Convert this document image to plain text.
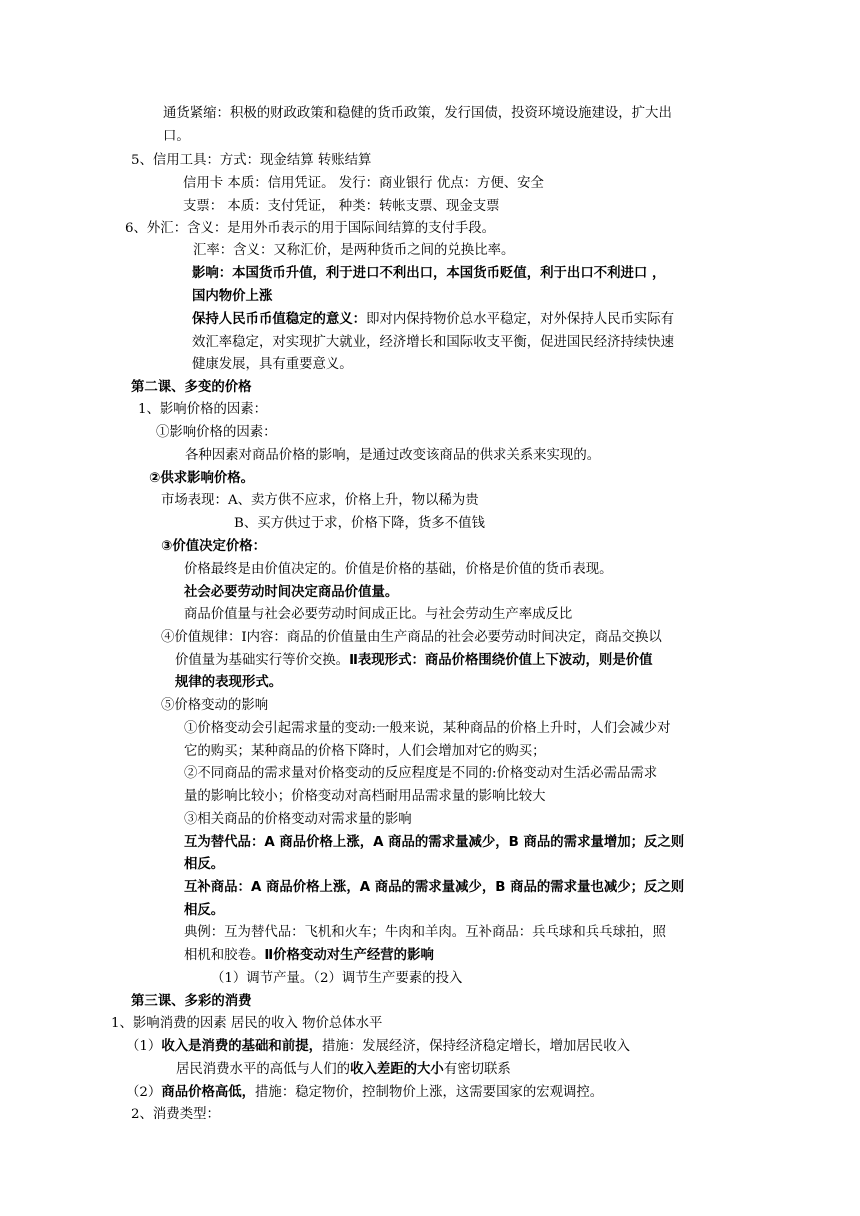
通货紧缩：积极的财政政策和稳健的货币政策，发行国债，投资环境设施建设，扩大出
口。
5、信用工具：方式：现金结算 转账结算
信用卡 本质：信用凭证。 发行：商业银行 优点：方便、安全
支票： 本质：支付凭证， 种类：转帐支票、现金支票
6、外汇：含义：是用外币表示的用于国际间结算的支付手段。
汇率：含义：又称汇价，是两种货币之间的兑换比率。
影响：本国货币升值，利于进口不利出口，本国货币贬值，利于出口不利进口 ，
国内物价上涨
保持人民币币值稳定的意义：即对内保持物价总水平稳定，对外保持人民币实际有
效汇率稳定，对实现扩大就业，经济增长和国际收支平衡，促进国民经济持续快速
健康发展，具有重要意义。
第二课、多变的价格
1、影响价格的因素：
①影响价格的因素：
各种因素对商品价格的影响，是通过改变该商品的供求关系来实现的。
②供求影响价格。
市场表现：A、卖方供不应求，价格上升，物以稀为贵
B、买方供过于求，价格下降，货多不值钱
③价值决定价格：
价格最终是由价值决定的。价值是价格的基础，价格是价值的货币表现。
社会必要劳动时间决定商品价值量。
商品价值量与社会必要劳动时间成正比。与社会劳动生产率成反比
④价值规律：Ⅰ内容：商品的价值量由生产商品的社会必要劳动时间决定，商品交换以
价值量为基础实行等价交换。Ⅱ表现形式：商品价格围绕价值上下波动，则是价值
规律的表现形式。
⑤价格变动的影响
①价格变动会引起需求量的变动:一般来说，某种商品的价格上升时，人们会减少对
它的购买；某种商品的价格下降时，人们会增加对它的购买；
②不同商品的需求量对价格变动的反应程度是不同的:价格变动对生活必需品需求
量的影响比较小；价格变动对高档耐用品需求量的影响比较大
③相关商品的价格变动对需求量的影响
互为替代品：A 商品价格上涨，A 商品的需求量减少，B 商品的需求量增加；反之则
相反。
互补商品：A 商品价格上涨，A 商品的需求量减少，B 商品的需求量也减少；反之则
相反。
典例：互为替代品：飞机和火车；牛肉和羊肉。互补商品：兵乓球和兵乓球拍，照
相机和胶卷。Ⅱ价格变动对生产经营的影响
（1）调节产量。（2）调节生产要素的投入
第三课、多彩的消费
1、影响消费的因素 居民的收入 物价总体水平
（1）收入是消费的基础和前提，措施：发展经济，保持经济稳定增长，增加居民收入
居民消费水平的高低与人们的收入差距的大小有密切联系
（2）商品价格高低，措施：稳定物价，控制物价上涨，这需要国家的宏观调控。
2、消费类型：
